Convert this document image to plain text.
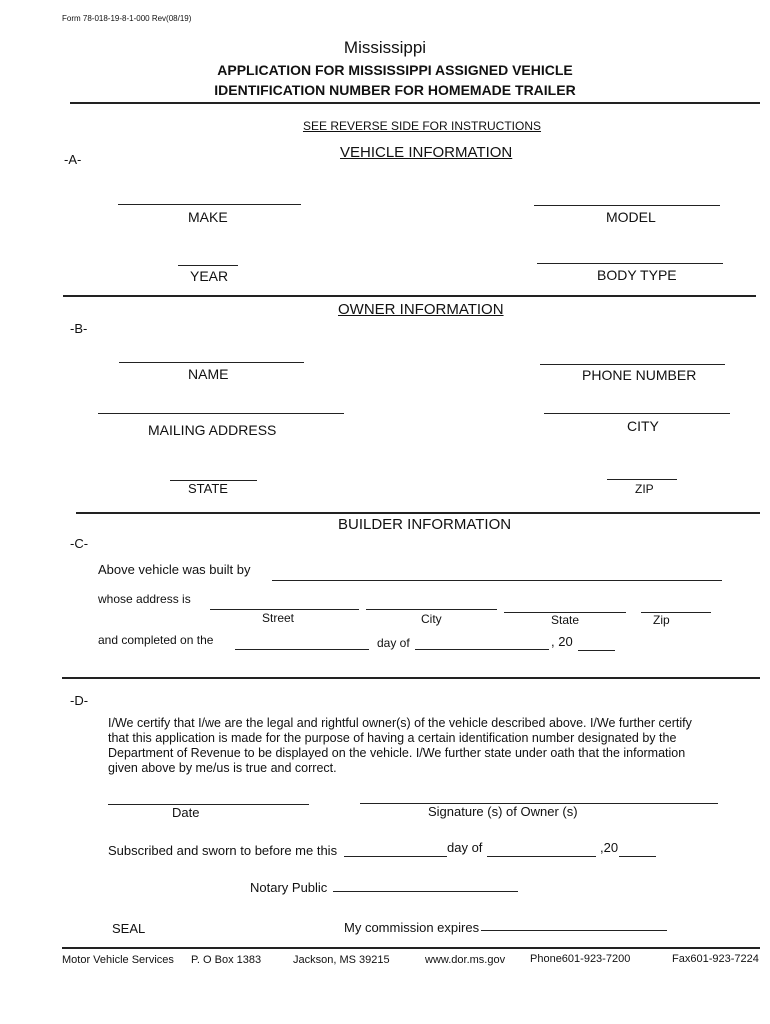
Form 78-018-19-8-1-000 Rev(08/19)
Mississippi
APPLICATION FOR MISSISSIPPI ASSIGNED VEHICLE
IDENTIFICATION NUMBER FOR HOMEMADE TRAILER
SEE REVERSE SIDE FOR INSTRUCTIONS
-A-	VEHICLE INFORMATION
MAKE	MODEL
YEAR	BODY TYPE
OWNER INFORMATION
-B-
NAME	PHONE NUMBER
MAILING ADDRESS	CITY
STATE	ZIP
BUILDER INFORMATION
-C-
Above vehicle was built by
whose address is
Street	City	State	Zip
and completed on the	day of	, 20
-D-
I/We certify that I/we are the legal and rightful owner(s) of the vehicle described above. I/We further certify that this application is made for the purpose of having a certain identification number designated by the Department of Revenue to be displayed on the vehicle. I/We further state under oath that the information given above by me/us is true and correct.
Date	Signature (s) of Owner (s)
Subscribed and sworn to before me this	day of	,20
Notary Public
SEAL	My commission expires
Motor Vehicle Services P. O Box 1383	Jackson, MS 39215	www.dor.ms.gov Phone601-923-7200	Fax601-923-7224
